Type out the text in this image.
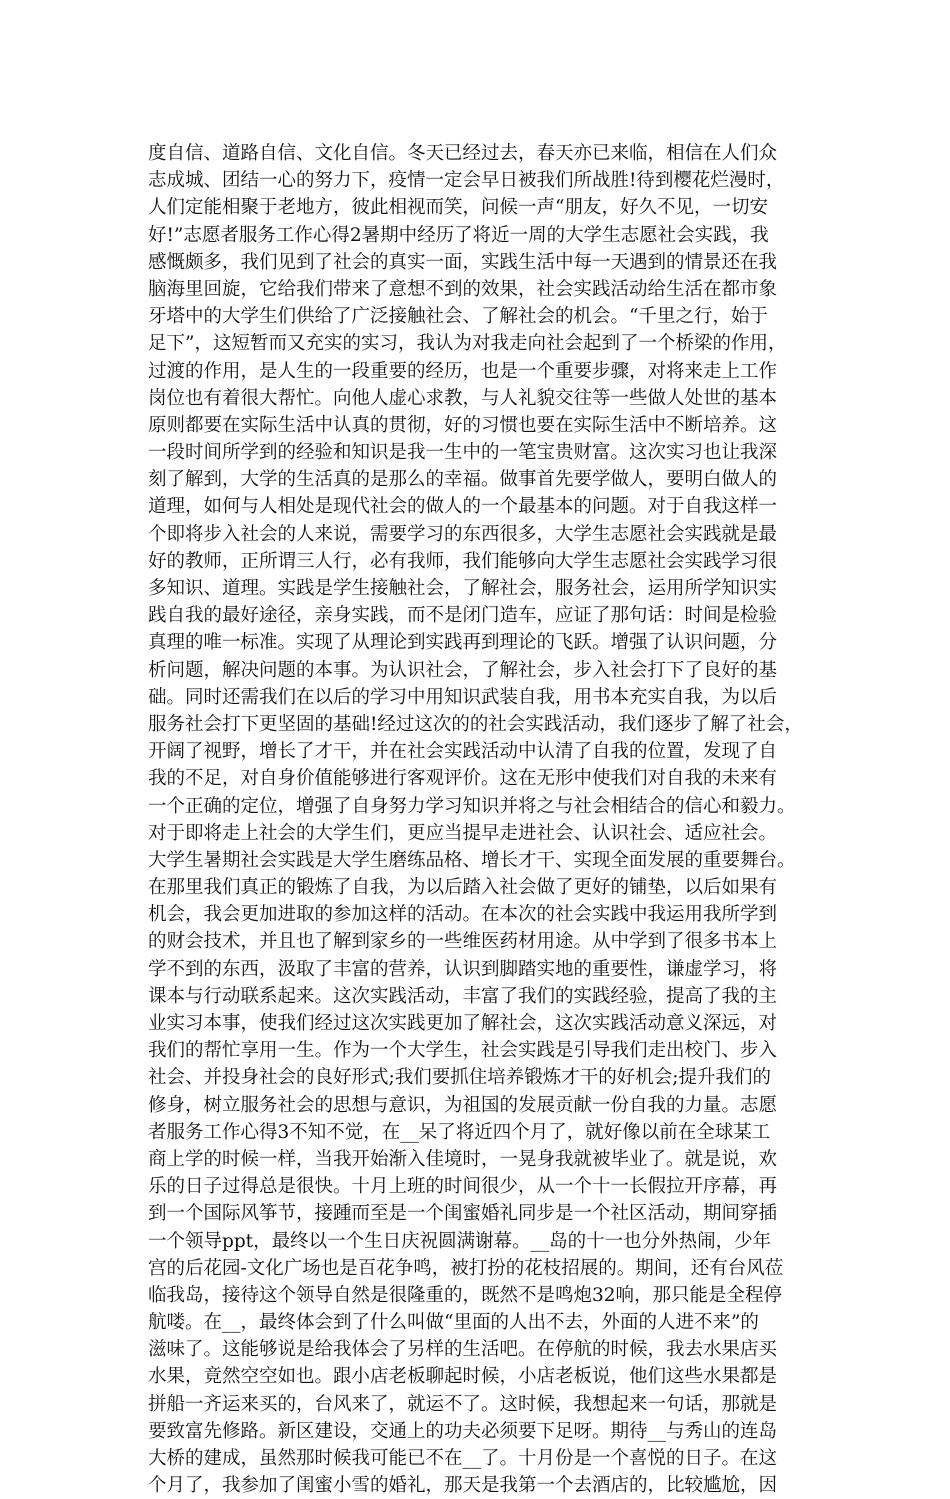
度自信、道路自信、文化自信。冬天已经过去，春天亦已来临，相信在人们众
志成城、团结一心的努力下，疫情一定会早日被我们所战胜!待到樱花烂漫时，
人们定能相聚于老地方，彼此相视而笑，问候一声“朋友，好久不见，一切安
好!”志愿者服务工作心得2暑期中经历了将近一周的大学生志愿社会实践，我
感慨颇多，我们见到了社会的真实一面，实践生活中每一天遇到的情景还在我
脑海里回旋，它给我们带来了意想不到的效果，社会实践活动给生活在都市象
牙塔中的大学生们供给了广泛接触社会、了解社会的机会。“千里之行，始于
足下”，这短暂而又充实的实习，我认为对我走向社会起到了一个桥梁的作用，
过渡的作用，是人生的一段重要的经历，也是一个重要步骤，对将来走上工作
岗位也有着很大帮忙。向他人虚心求教，与人礼貌交往等一些做人处世的基本
原则都要在实际生活中认真的贯彻，好的习惯也要在实际生活中不断培养。这
一段时间所学到的经验和知识是我一生中的一笔宝贵财富。这次实习也让我深
刻了解到，大学的生活真的是那么的幸福。做事首先要学做人，要明白做人的
道理，如何与人相处是现代社会的做人的一个最基本的问题。对于自我这样一
个即将步入社会的人来说，需要学习的东西很多，大学生志愿社会实践就是最
好的教师，正所谓三人行，必有我师，我们能够向大学生志愿社会实践学习很
多知识、道理。实践是学生接触社会，了解社会，服务社会，运用所学知识实
践自我的最好途径，亲身实践，而不是闭门造车，应证了那句话：时间是检验
真理的唯一标准。实现了从理论到实践再到理论的飞跃。增强了认识问题，分
析问题，解决问题的本事。为认识社会，了解社会，步入社会打下了良好的基
础。同时还需我们在以后的学习中用知识武装自我，用书本充实自我，为以后
服务社会打下更坚固的基础!经过这次的的社会实践活动，我们逐步了解了社会，
开阔了视野，增长了才干，并在社会实践活动中认清了自我的位置，发现了自
我的不足，对自身价值能够进行客观评价。这在无形中使我们对自我的未来有
一个正确的定位，增强了自身努力学习知识并将之与社会相结合的信心和毅力。
对于即将走上社会的大学生们，更应当提早走进社会、认识社会、适应社会。
大学生暑期社会实践是大学生磨练品格、增长才干、实现全面发展的重要舞台。
在那里我们真正的锻炼了自我，为以后踏入社会做了更好的铺垫，以后如果有
机会，我会更加进取的参加这样的活动。在本次的社会实践中我运用我所学到
的财会技术，并且也了解到家乡的一些维医药材用途。从中学到了很多书本上
学不到的东西，汲取了丰富的营养，认识到脚踏实地的重要性，谦虚学习，将
课本与行动联系起来。这次实践活动，丰富了我们的实践经验，提高了我的主
业实习本事，使我们经过这次实践更加了解社会，这次实践活动意义深远，对
我们的帮忙享用一生。作为一个大学生，社会实践是引导我们走出校门、步入
社会、并投身社会的良好形式;我们要抓住培养锻炼才干的好机会;提升我们的
修身，树立服务社会的思想与意识，为祖国的发展贡献一份自我的力量。志愿
者服务工作心得3不知不觉，在__呆了将近四个月了，就好像以前在全球某工
商上学的时候一样，当我开始渐入佳境时，一晃身我就被毕业了。就是说，欢
乐的日子过得总是很快。十月上班的时间很少，从一个十一长假拉开序幕，再
到一个国际风筝节，接踵而至是一个闺蜜婚礼同步是一个社区活动，期间穿插
一个领导ppt，最终以一个生日庆祝圆满谢幕。__岛的十一也分外热闹，少年
宫的后花园-文化广场也是百花争鸣，被打扮的花枝招展的。期间，还有台风莅
临我岛，接待这个领导自然是很隆重的，既然不是鸣炮32响，那只能是全程停
航喽。在__，最终体会到了什么叫做“里面的人出不去，外面的人进不来”的
滋味了。这能够说是给我体会了另样的生活吧。在停航的时候，我去水果店买
水果，竟然空空如也。跟小店老板聊起时候，小店老板说，他们这些水果都是
拼船一齐运来买的，台风来了，就运不了。这时候，我想起来一句话，那就是
要致富先修路。新区建设，交通上的功夫必须要下足呀。期待__与秀山的连岛
大桥的建成，虽然那时候我可能已不在__了。十月份是一个喜悦的日子。在这
个月了，我参加了闺蜜小雪的婚礼，那天是我第一个去酒店的，比较尴尬，因
